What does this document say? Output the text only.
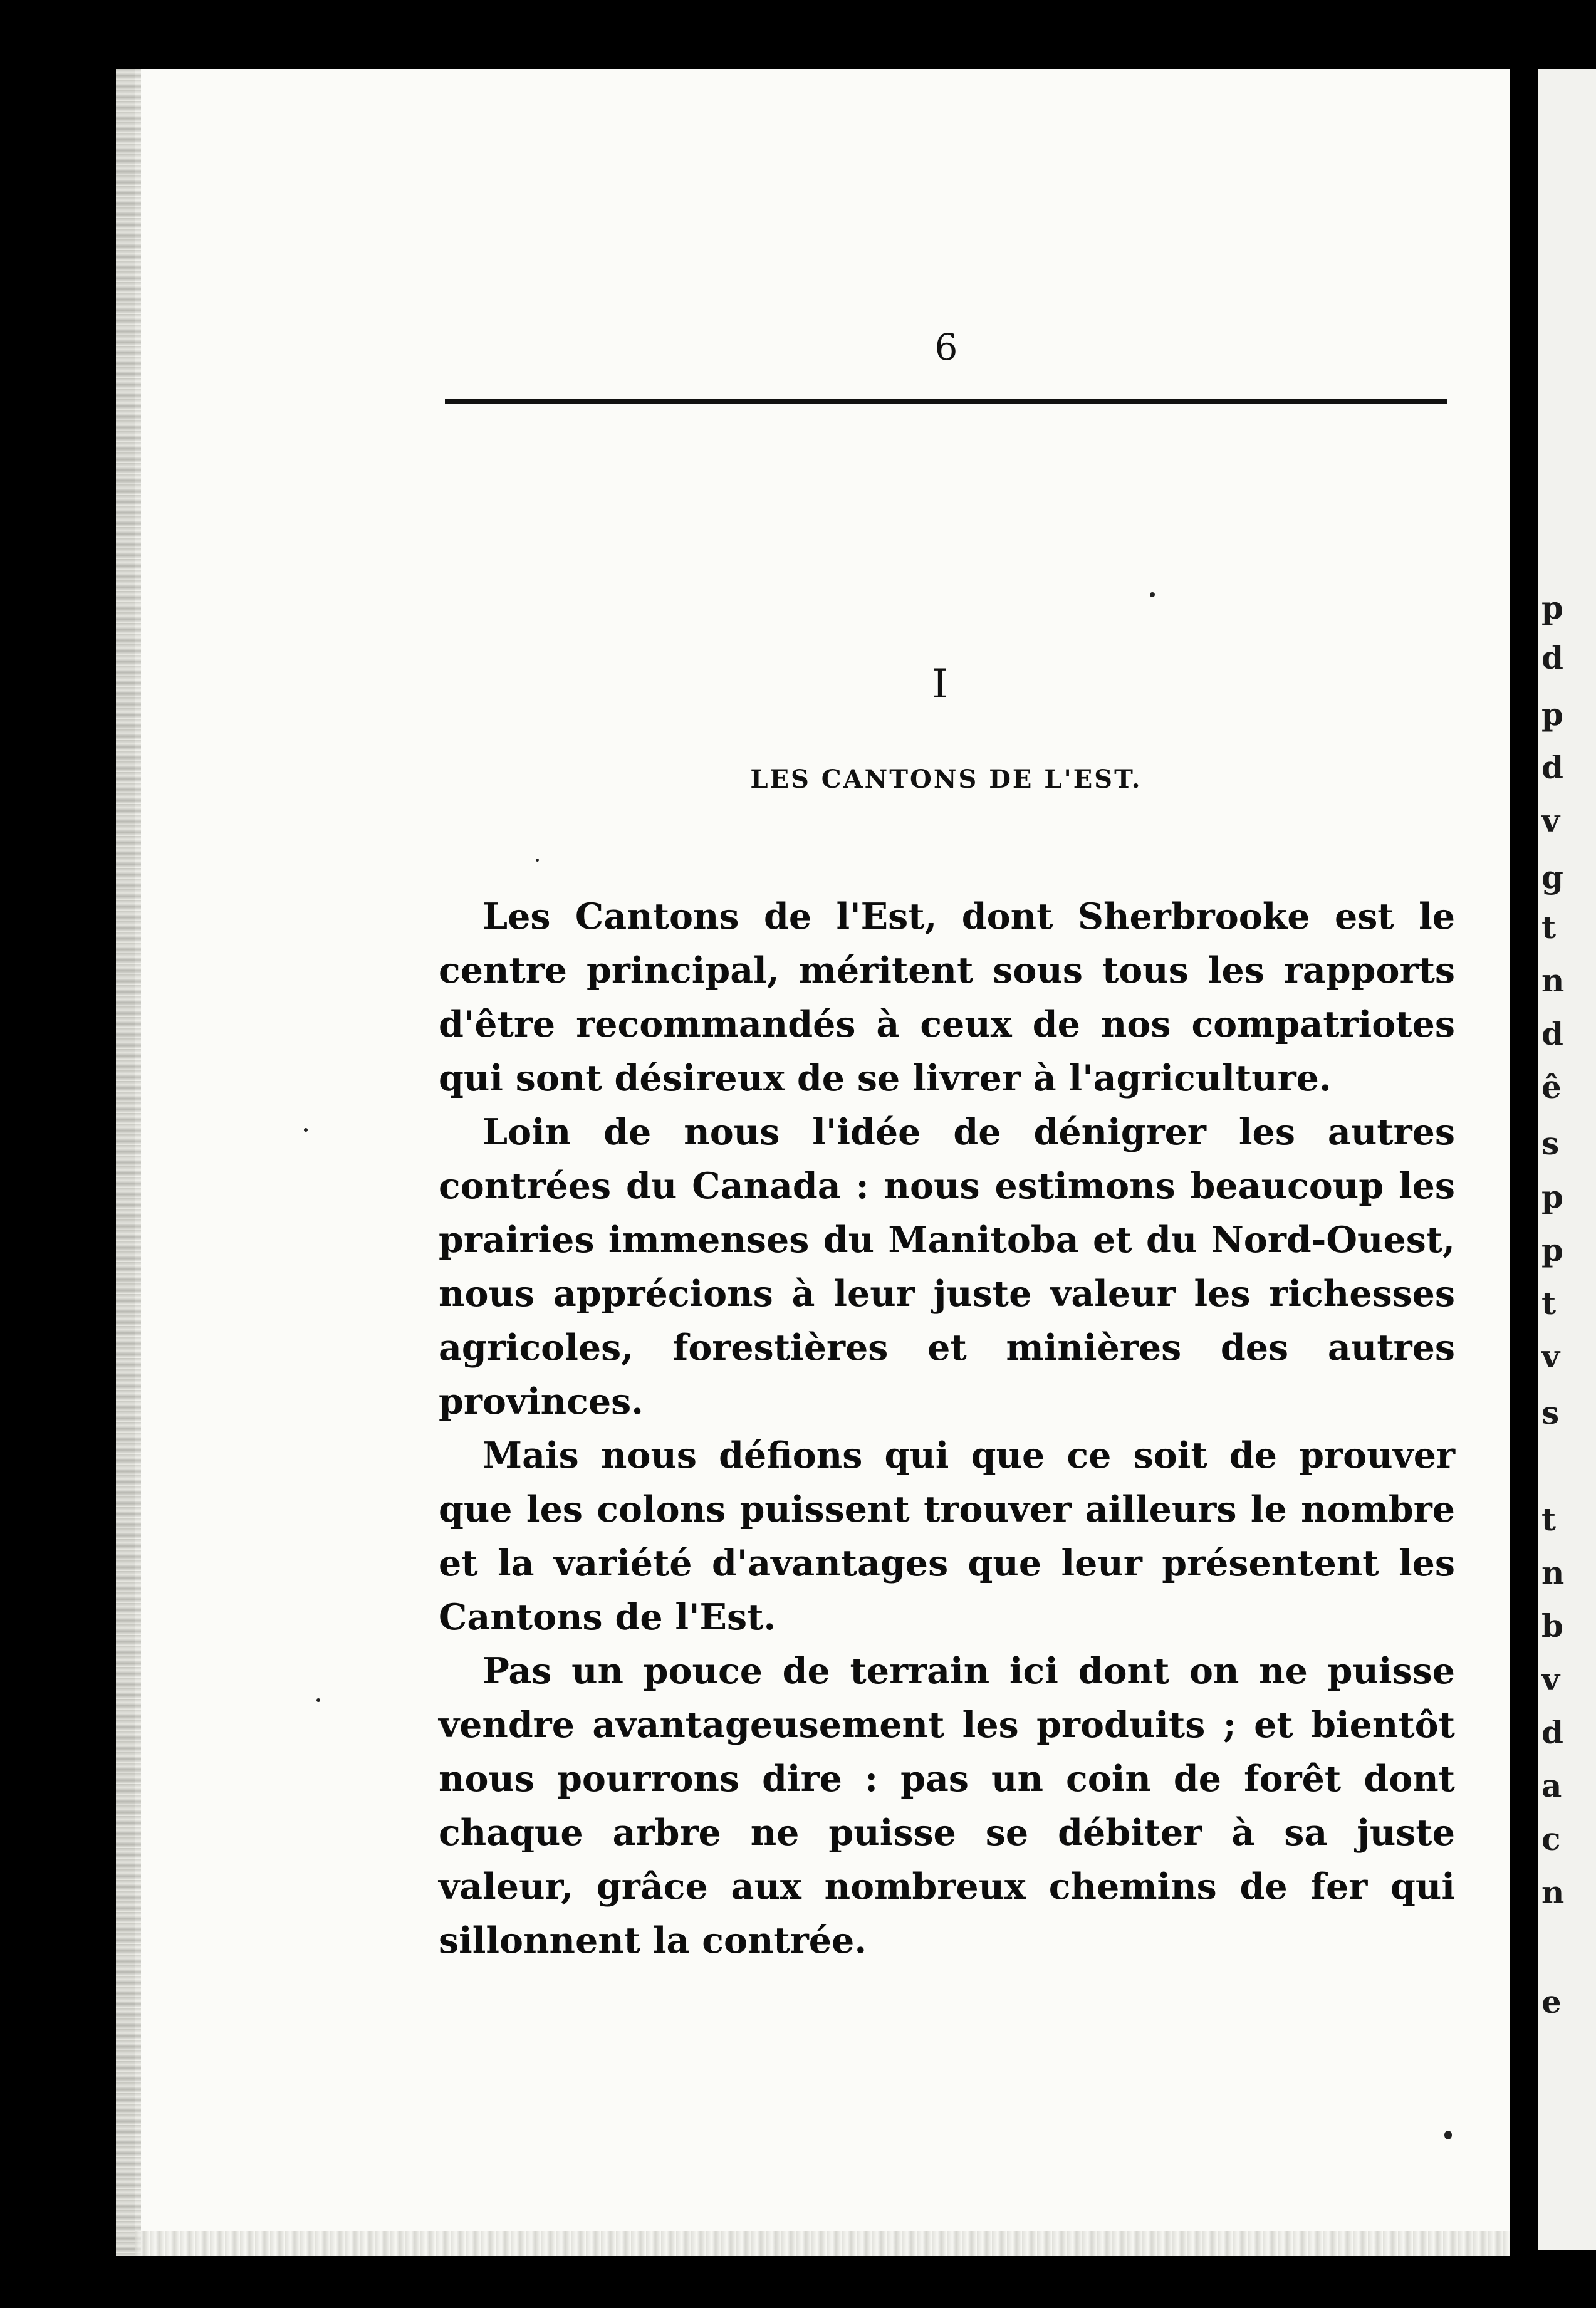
6
I
LES CANTONS DE L'EST.

Les Cantons de l'Est, dont Sherbrooke est le centre principal, méritent sous tous les rapports d'être recommandés à ceux de nos compatriotes qui sont désireux de se livrer à l'agriculture.

Loin de nous l'idée de dénigrer les autres contrées du Canada : nous estimons beaucoup les prairies immenses du Manitoba et du Nord-Ouest, nous apprécions à leur juste valeur les richesses agricoles, forestières et minières des autres provinces.

Mais nous défions qui que ce soit de prouver que les colons puissent trouver ailleurs le nombre et la variété d'avantages que leur présentent les Cantons de l'Est.

Pas un pouce de terrain ici dont on ne puisse vendre avantageusement les produits ; et bientôt nous pourrons dire : pas un coin de forêt dont chaque arbre ne puisse se débiter à sa juste valeur, grâce aux nombreux chemins de fer qui sillonnent la contrée.

p
d
p
d
v
g
t
n
d
ê
s
p
p
t
v
s
t
n
b
v
d
a
c
n
e
